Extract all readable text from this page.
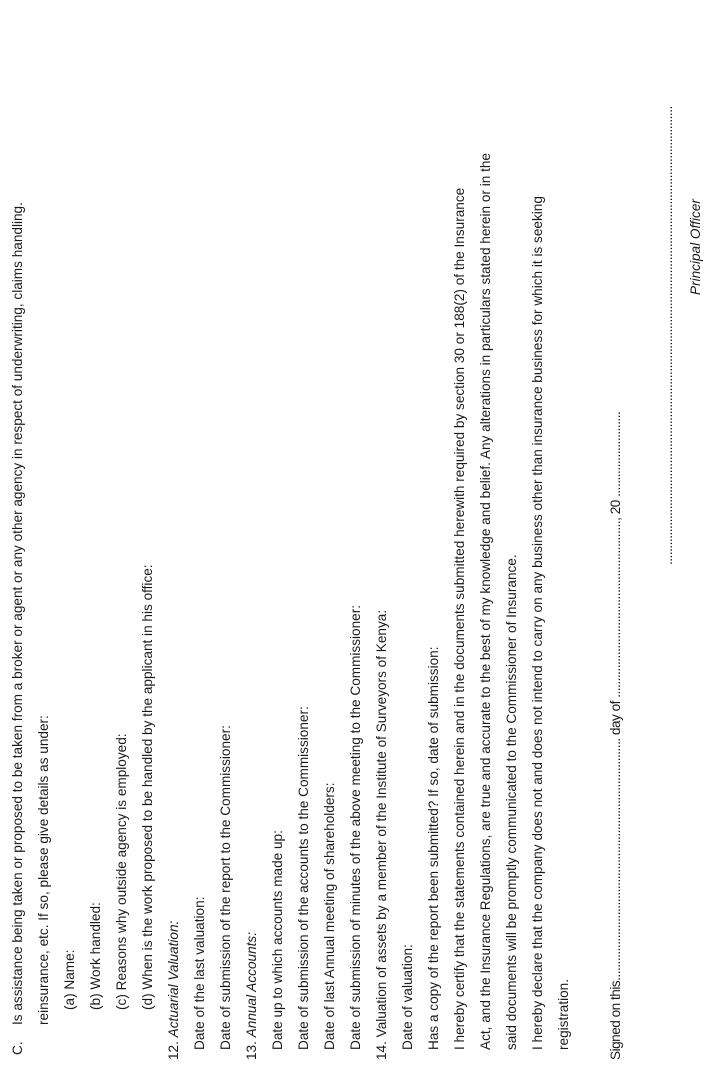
C.
Is assistance being taken or proposed to be taken from a broker or agent or any other agency in respect of underwriting, claims handling. reinsurance, etc. If so, please give details as under: (a) Name: (b) Work handled: (c) Reasons why outside agency is employed: (d) When is the work proposed to be handled by the applicant in his office:
12. Actuarial Valuation: Date of the last valuation: Date of submission of the report to the Commissioner:
13. Annual Accounts: Date up to which accounts made up: Date of submission of the accounts to the Commissioner: Date of last Annual meeting of shareholders: Date of submission of minutes of the above meeting to the Commissioner: 14. Valuation of assets by a member of the Institute of Surveyors of Kenya: Date of valuation: Has a copy of the report been submitted? If so, date of submission: I hereby certify that the statements contained herein and in the documents submitted herewith required by section 30 or 188(2) of the Insurance Act, and the Insurance Regulations, are true and accurate to the best of my knowledge and belief. Any alterations in particulars stated herein or in the said documents will be promptly communicated to the Commissioner of Insurance. I hereby declare that the company does not and does not intend to carry on any business other than insurance business for which it is seeking registration.	Signed on this.......................................................................... day of ......................................................, 20 ..........................
............................................................................................................................................ Principal Officer
